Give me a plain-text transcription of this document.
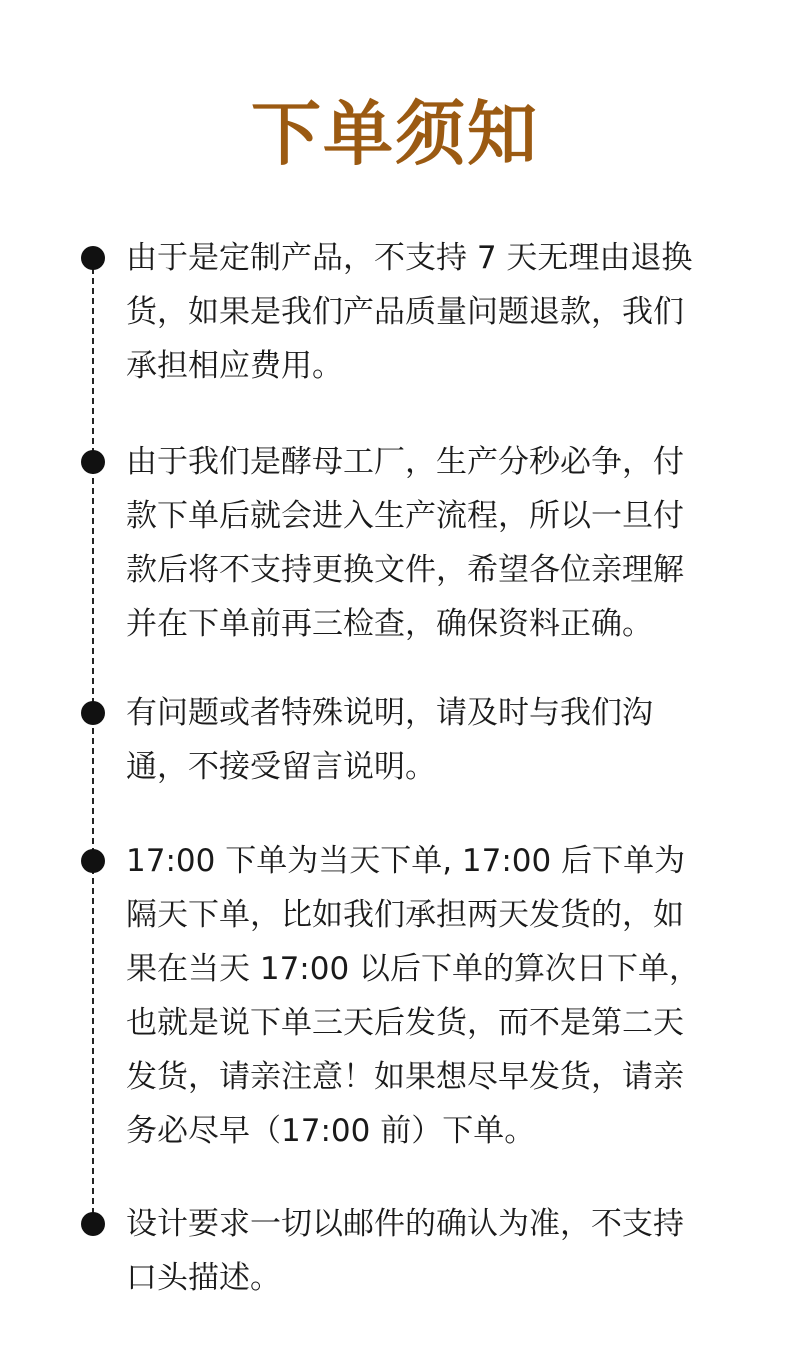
下单须知

由于是定制产品，不支持 7 天无理由退换货，如果是我们产品质量问题退款，我们承担相应费用。

由于我们是酵母工厂，生产分秒必争，付款下单后就会进入生产流程，所以一旦付款后将不支持更换文件，希望各位亲理解并在下单前再三检查，确保资料正确。

有问题或者特殊说明，请及时与我们沟通，不接受留言说明。

17:00 下单为当天下单, 17:00 后下单为隔天下单，比如我们承担两天发货的，如果在当天 17:00 以后下单的算次日下单，也就是说下单三天后发货，而不是第二天发货，请亲注意！如果想尽早发货，请亲务必尽早（17:00 前）下单。

设计要求一切以邮件的确认为准，不支持口头描述。
